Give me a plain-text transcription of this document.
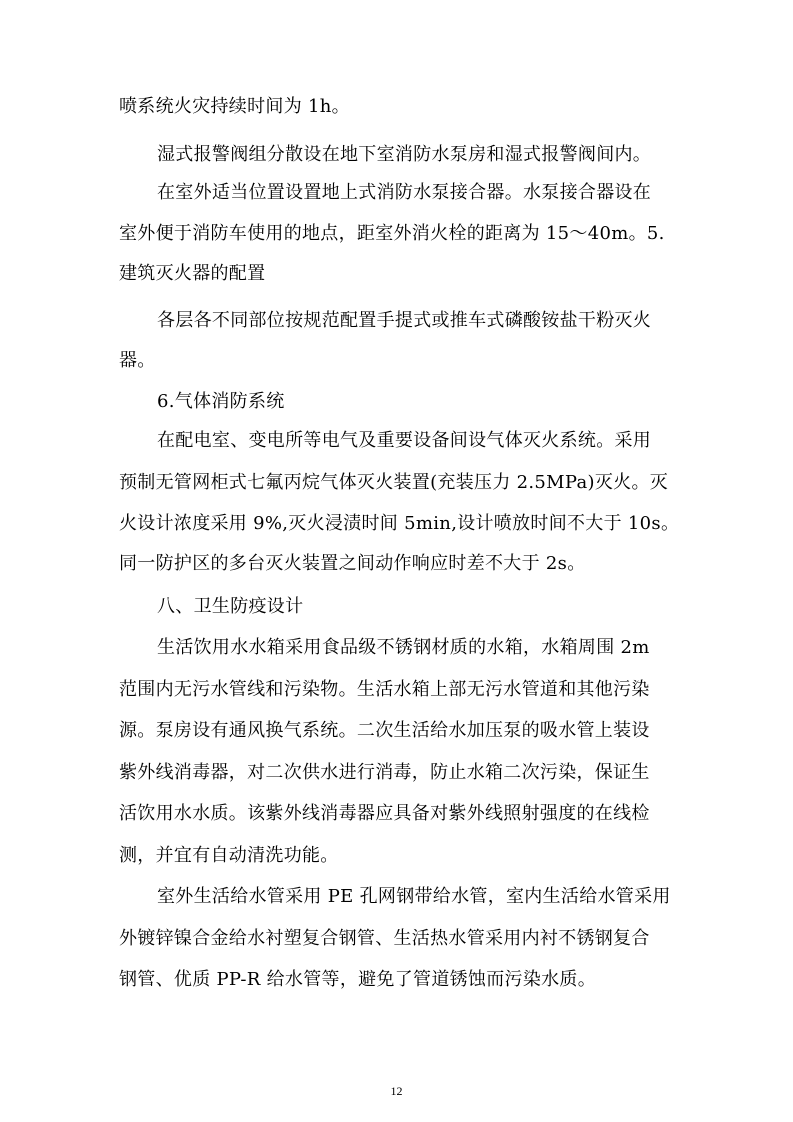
喷系统火灾持续时间为 1h。
湿式报警阀组分散设在地下室消防水泵房和湿式报警阀间内。
在室外适当位置设置地上式消防水泵接合器。水泵接合器设在
室外便于消防车使用的地点，距室外消火栓的距离为 15～40m。5.
建筑灭火器的配置
各层各不同部位按规范配置手提式或推车式磷酸铵盐干粉灭火
器。
6.气体消防系统
在配电室、变电所等电气及重要设备间设气体灭火系统。采用
预制无管网柜式七氟丙烷气体灭火装置(充装压力 2.5MPa)灭火。灭
火设计浓度采用 9%,灭火浸渍时间 5min,设计喷放时间不大于 10s。
同一防护区的多台灭火装置之间动作响应时差不大于 2s。
八、卫生防疫设计
生活饮用水水箱采用食品级不锈钢材质的水箱，水箱周围 2m
范围内无污水管线和污染物。生活水箱上部无污水管道和其他污染
源。泵房设有通风换气系统。二次生活给水加压泵的吸水管上装设
紫外线消毒器，对二次供水进行消毒，防止水箱二次污染，保证生
活饮用水水质。该紫外线消毒器应具备对紫外线照射强度的在线检
测，并宜有自动清洗功能。
室外生活给水管采用 PE 孔网钢带给水管，室内生活给水管采用
外镀锌镍合金给水衬塑复合钢管、生活热水管采用内衬不锈钢复合
钢管、优质 PP-R 给水管等，避免了管道锈蚀而污染水质。
12
